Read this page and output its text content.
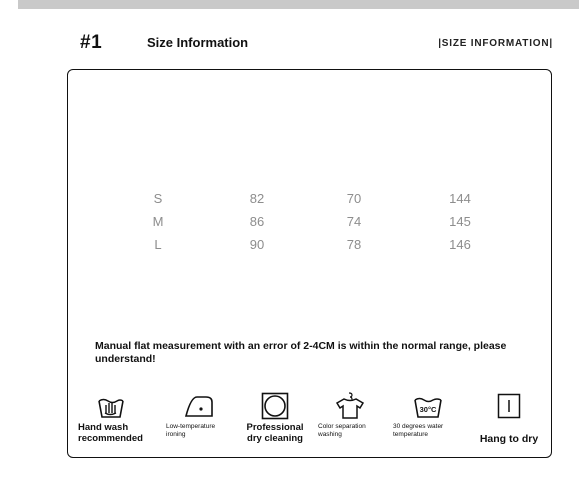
#1	Size Information	|SIZE INFORMATION|
S	82	70	144
M	86	74	145
L	90	78	146
Manual flat measurement with an error of 2-4CM is within the normal range, please understand!
Hand wash
recommended
Low-temperature
ironing
Professional
dry cleaning
Color separation
washing
30°C
30 degrees water
temperature	Hang to dry
